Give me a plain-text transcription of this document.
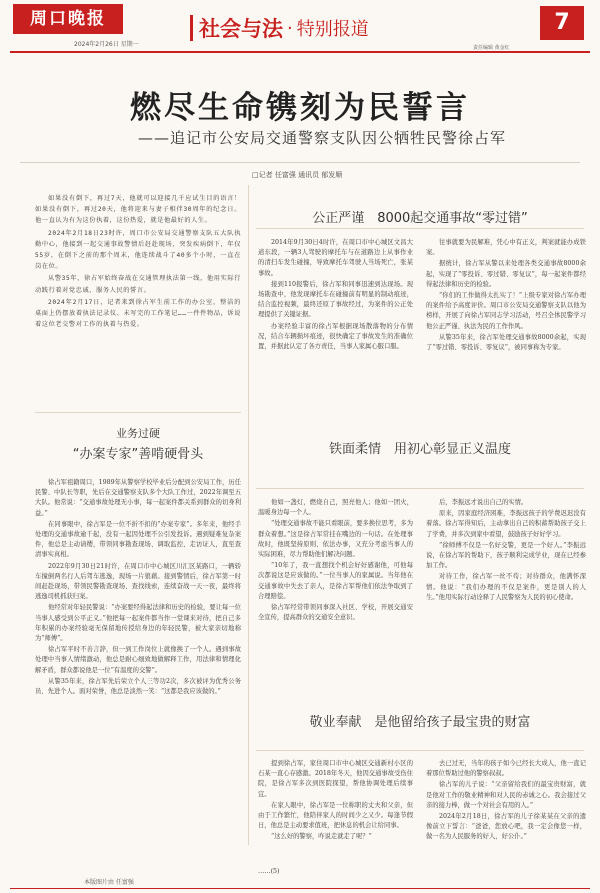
周口晚报
2024年2月26日 星期一
社会与法 · 特别报道
责任编辑 黄金红
7
燃尽生命镌刻为民誓言
——追记市公安局交通警察支队因公牺牲民警徐占军
□记者 任富强 通讯员 郁发顺

如果没有倒下，再过7天，他就可以迎接几千应试生目的语言！如果没有倒下，再过20天，他将迎来与妻子相伴30周年的纪念日。他一直认为有为这份执着，这份热爱，就是他最好的人生。

2024年2月18日23时许，周口市公安局交通警察支队五大队执勤中心，他接到一起交通事故警情后赶赴现场，突发疾病倒下，年仅55岁，在倒下之前的那个周末，他连续战斗了40多个小时，一直在岗在位。

从警35年，徐占军始终奋战在交通管理执法第一线，他用实际行动践行着对党忠诚、服务人民的誓言。

2024年2月17日，记者来到徐占军生前工作的办公室，整洁的桌面上仍摆放着执法记录仪、未写完的工作笔记……一件件物品，诉说着这位老交警对工作的执着与热爱。

业务过硬
“办案专家”善啃硬骨头

徐占军祖籍周口，1989年从警察学校毕业后分配到公安局工作，历任民警、中队长等职，先后在交通警察支队多个大队工作过，2022年调至五大队。他常说：“交通事故处理无小事，每一起案件都关系到群众的切身利益。”

在同事眼中，徐占军是一位不折不扣的“办案专家”。多年来，他经手处理的交通事故逾千起，没有一起因处理不公引发投诉。遇到疑难复杂案件，他总是主动请缨，带领同事勘查现场、调取监控、走访证人，直至查清事实真相。

2022年9月30日21时许，在周口市中心城区川汇区某路口，一辆轿车撞倒两名行人后驾车逃逸，现场一片狼藉。接到警情后，徐占军第一时间赶赴现场，带领民警勘查现场、查找线索，连续奋战一天一夜，最终将逃逸司机抓获归案。

他经常对年轻民警说：“办案要经得起法律和历史的检验，要让每一位当事人感受到公平正义。”他把每一起案件都当作一堂课来对待，把自己多年积累的办案经验毫无保留地传授给身边的年轻民警，被大家亲切地称为“师傅”。

徐占军平时不善言辞，但一到工作岗位上就像换了一个人。遇到事故处理中当事人情绪激动，他总是耐心细致地做解释工作，用法律和情理化解矛盾，群众都说他是一位“有温度的交警”。

从警35年来，徐占军先后荣立个人三等功2次，多次被评为优秀公务员、先进个人。面对荣誉，他总是淡然一笑：“这都是我应该做的。”

本版图片由 任富强
公正严谨　8000起交通事故“零过错”

2014年9月30日4时许，在周口市中心城区文昌大道东段，一辆3人驾驶的摩托车与在道路边上从事作业的清扫车发生碰撞，导致摩托车驾驶人当场死亡，张某事故。

接到110报警后，徐占军和同事迅速到达现场。现场勘查中，他发现摩托车在碰撞前有明显的制动痕迹，结合监控视频，最终还原了事故经过，为案件的公正处理提供了关键证据。

办案经验丰富的徐占军根据现场散落物的分布情况，结合车辆损坏痕迹，很快确定了事故发生的准确位置，并据此认定了各方责任，当事人家属心服口服。

往事就要为民解难，凭心中有正义，判案就能办成铁案。

据统计，徐占军从警以来处理各类交通事故8000余起，实现了“零投诉、零过错、零复议”，每一起案件都经得起法律和历史的检验。

“你们的工作做得太扎实了！”上级专家对徐占军办理的案件给予高度评价。周口市公安局交通警察支队以他为榜样，开展了向徐占军同志学习活动，号召全体民警学习他公正严谨、执法为民的工作作风。

从警35年来，徐占军处理交通事故8000余起，实现了“零过错、零投诉、零复议”，被同事称为专家。

铁面柔情　用初心彰显正义温度

他如一盏灯，燃烧自己，照亮他人；他如一团火，温暖身边每一个人。

“处理交通事故不能只看眼前，要多换位思考，多为群众着想。”这是徐占军常挂在嘴边的一句话。在处理事故时，他既坚持原则、依法办事，又充分考虑当事人的实际困难，尽力帮助他们解决问题。

“10年了，我一直想找个机会好好感谢他，可他每次都说这是应该做的。”一位当事人的家属说。当年他在交通事故中失去了亲人，是徐占军帮他们依法争取到了合理赔偿。

徐占军经常带领同事深入社区、学校，开展交通安全宣传，提高群众的交通安全意识。

后，李振远才说出自己的实情。

原来，因家庭经济困难，李振远孩子的学费迟迟没有着落。徐占军得知后，主动拿出自己的积蓄帮助孩子交上了学费，并多次到家中看望，鼓励孩子好好学习。

“徐师傅不仅是一名好交警，更是一个好人。”李振远说，在徐占军的帮助下，孩子顺利完成学业，现在已经参加工作。

对待工作，徐占军一丝不苟；对待群众，他满怀深情。他说：“我们办理的不仅是案件，更是别人的人生。”他用实际行动诠释了人民警察为人民的初心使命。

敬业奉献　是他留给孩子最宝贵的财富

提到徐占军，家住周口市中心城区交通新村小区的石某一直心存感激。2018年冬天，他因交通事故受伤住院，是徐占军多次到医院探望，帮他协调处理后续事宜。

在家人眼中，徐占军是一位称职的丈夫和父亲，但由于工作繁忙，他陪伴家人的时间少之又少。每逢节假日，他总是主动要求值班，把休息的机会让给同事。

“这么好的警察，咋说走就走了呢？”

去已过无，当年的孩子如今已经长大成人，他一直记着那位帮助过他的警察叔叔。

徐占军的儿子说：“父亲留给我们的最宝贵财富，就是他对工作的敬业精神和对人民的赤诚之心。我会接过父亲的接力棒，做一个对社会有用的人。”

2024年2月18日，徐占军的儿子徐某某在父亲的遗像前立下誓言：“爸爸，您放心吧，我一定会像您一样，做一名为人民服务的好人，好公仆。”

……(5)
